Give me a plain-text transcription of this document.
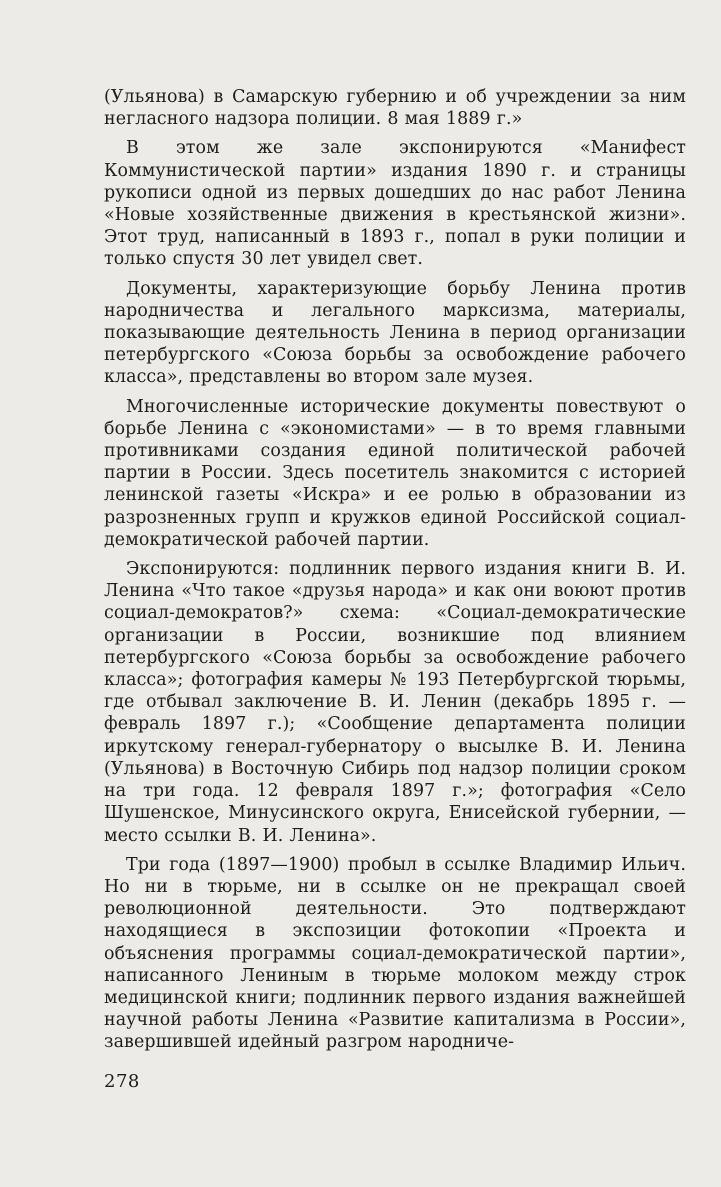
(Ульянова) в Самарскую губернию и об учреждении за ним негласного надзора полиции. 8 мая 1889 г.»

В этом же зале экспонируются «Манифест Коммунистической партии» издания 1890 г. и страницы рукописи одной из первых дошедших до нас работ Ленина «Новые хозяйственные движения в крестьянской жизни». Этот труд, написанный в 1893 г., попал в руки полиции и только спустя 30 лет увидел свет.

Документы, характеризующие борьбу Ленина против народничества и легального марксизма, материалы, показывающие деятельность Ленина в период организации петербургского «Союза борьбы за освобождение рабочего класса», представлены во втором зале музея.

Многочисленные исторические документы повествуют о борьбе Ленина с «экономистами» — в то время главными противниками создания единой политической рабочей партии в России. Здесь посетитель знакомится с историей ленинской газеты «Искра» и ее ролью в образовании из разрозненных групп и кружков единой Российской социал-демократической рабочей партии.

Экспонируются: подлинник первого издания книги В. И. Ленина «Что такое «друзья народа» и как они воюют против социал-демократов?» схема: «Социал-демократические организации в России, возникшие под влиянием петербургского «Союза борьбы за освобождение рабочего класса»; фотография камеры № 193 Петербургской тюрьмы, где отбывал заключение В. И. Ленин (декабрь 1895 г. — февраль 1897 г.); «Сообщение департамента полиции иркутскому генерал-губернатору о высылке В. И. Ленина (Ульянова) в Восточную Сибирь под надзор полиции сроком на три года. 12 февраля 1897 г.»; фотография «Село Шушенское, Минусинского округа, Енисейской губернии, — место ссылки В. И. Ленина».

Три года (1897—1900) пробыл в ссылке Владимир Ильич. Но ни в тюрьме, ни в ссылке он не прекращал своей революционной деятельности. Это подтверждают находящиеся в экспозиции фотокопии «Проекта и объяснения программы социал-демократической партии», написанного Лениным в тюрьме молоком между строк медицинской книги; подлинник первого издания важнейшей научной работы Ленина «Развитие капитализма в России», завершившей идейный разгром народниче-

278
